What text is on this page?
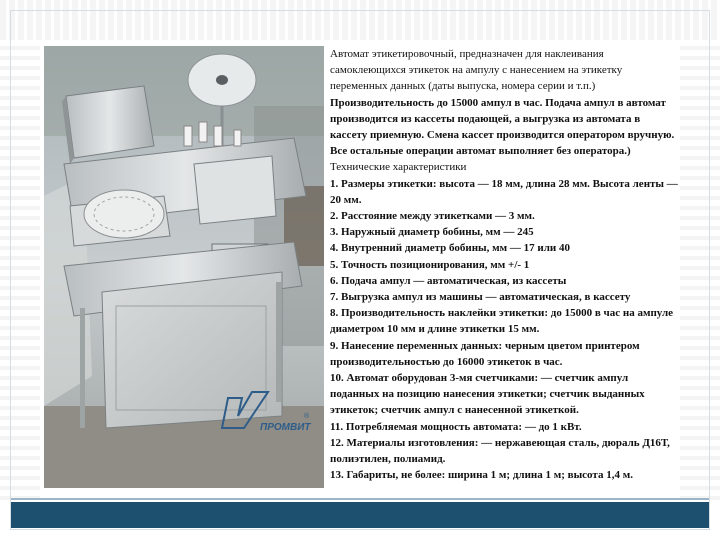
ПРОМВИТ
®

Автомат этикетировочный, предназначен для наклеивания самоклеющихся этикеток на ампулу с нанесением на этикетку переменных данных (даты выпуска, номера серии и т.п.)

Производительность до 15000 ампул в час. Подача ампул в автомат производится из кассеты подающей, а выгрузка из автомата в кассету приемную. Смена кассет производится оператором вручную. Все остальные операции автомат выполняет без оператора.)

Технические характеристики

1. Размеры этикетки: высота — 18 мм, длина 28 мм. Высота ленты — 20 мм.

2. Расстояние между этикетками — 3 мм.

3. Наружный диаметр бобины, мм — 245

4. Внутренний диаметр бобины, мм — 17 или 40

5. Точность позиционирования, мм +/- 1

6. Подача ампул — автоматическая, из кассеты

7. Выгрузка ампул из машины — автоматическая, в кассету

8. Производительность наклейки этикетки: до 15000 в час на ампуле диаметром 10 мм и длине этикетки 15 мм.

9. Нанесение переменных данных: черным цветом принтером производительностью до 16000 этикеток в час.

10. Автомат оборудован 3-мя счетчиками: — счетчик ампул поданных на позицию нанесения этикетки; счетчик выданных этикеток; счетчик ампул с нанесенной этикеткой.

11. Потребляемая мощность автомата: — до 1 кВт.

12. Материалы изготовления: — нержавеющая сталь, дюраль Д16Т, полиэтилен, полиамид.

13. Габариты, не более: ширина 1 м; длина 1 м; высота 1,4 м.
